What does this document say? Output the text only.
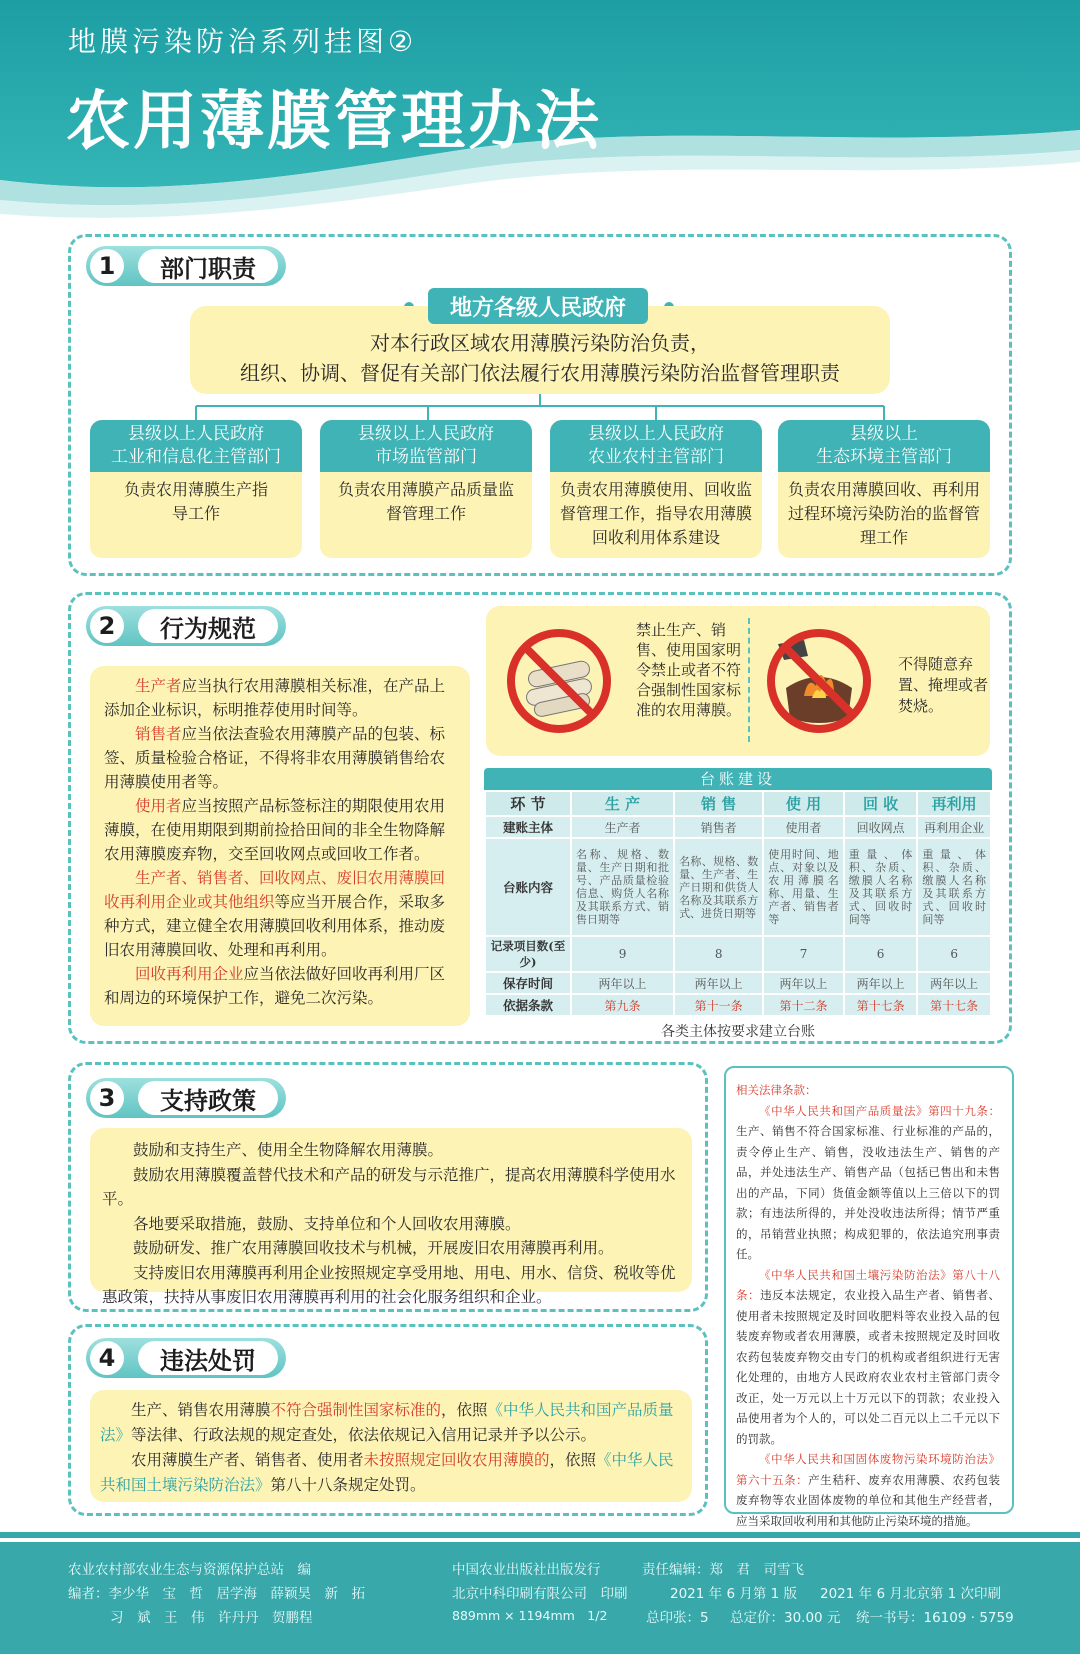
地膜污染防治系列挂图②
农用薄膜管理办法
1	部门职责
地方各级人民政府
对本行政区域农用薄膜污染防治负责，
组织、协调、督促有关部门依法履行农用薄膜污染防治监督管理职责
县级以上人民政府
工业和信息化主管部门
负责农用薄膜生产指导工作
县级以上人民政府
市场监管部门
负责农用薄膜产品质量监督管理工作
县级以上人民政府
农业农村主管部门
负责农用薄膜使用、回收监督管理工作，指导农用薄膜回收利用体系建设
县级以上
生态环境主管部门
负责农用薄膜回收、再利用过程环境污染防治的监督管理工作
2	行为规范

生产者应当执行农用薄膜相关标准，在产品上添加企业标识，标明推荐使用时间等。

销售者应当依法查验农用薄膜产品的包装、标签、质量检验合格证，不得将非农用薄膜销售给农用薄膜使用者等。

使用者应当按照产品标签标注的期限使用农用薄膜，在使用期限到期前捡拾田间的非全生物降解农用薄膜废弃物，交至回收网点或回收工作者。

生产者、销售者、回收网点、废旧农用薄膜回收再利用企业或其他组织等应当开展合作，采取多种方式，建立健全农用薄膜回收利用体系，推动废旧农用薄膜回收、处理和再利用。

回收再利用企业应当依法做好回收再利用厂区和周边的环境保护工作，避免二次污染。

禁止生产、销售、使用国家明令禁止或者不符合强制性国家标准的农用薄膜。
不得随意弃置、掩埋或者焚烧。
台账建设
环 节	生 产	销 售	使 用	回 收	再利用
建账主体	生产者	销售者	使用者	回收网点	再利用企业
台账内容	名称、规格、数量、生产日期和批号、产品质量检验信息、购货人名称及其联系方式、销售日期等	名称、规格、数量、生产者、生产日期和供货人名称及其联系方式、进货日期等	使用时间、地点、对象以及农用薄膜名称、用量、生产者、销售者等	重量、体积、杂质、缴膜人名称及其联系方式、回收时间等	重量、体积、杂质、缴膜人名称及其联系方式、回收时间等
记录项目数(至少)	9	8	7	6	6
保存时间	两年以上	两年以上	两年以上	两年以上	两年以上
依据条款	第九条	第十一条	第十二条	第十七条	第十七条
各类主体按要求建立台账
3	支持政策

鼓励和支持生产、使用全生物降解农用薄膜。

鼓励农用薄膜覆盖替代技术和产品的研发与示范推广，提高农用薄膜科学使用水平。

各地要采取措施，鼓励、支持单位和个人回收农用薄膜。

鼓励研发、推广农用薄膜回收技术与机械，开展废旧农用薄膜再利用。

支持废旧农用薄膜再利用企业按照规定享受用地、用电、用水、信贷、税收等优惠政策，扶持从事废旧农用薄膜再利用的社会化服务组织和企业。

4	违法处罚

生产、销售农用薄膜不符合强制性国家标准的，依照《中华人民共和国产品质量法》等法律、行政法规的规定查处，依法依规记入信用记录并予以公示。

农用薄膜生产者、销售者、使用者未按照规定回收农用薄膜的，依照《中华人民共和国土壤污染防治法》第八十八条规定处罚。

相关法律条款：

《中华人民共和国产品质量法》第四十九条：生产、销售不符合国家标准、行业标准的产品的，责令停止生产、销售，没收违法生产、销售的产品，并处违法生产、销售产品（包括已售出和未售出的产品，下同）货值金额等值以上三倍以下的罚款；有违法所得的，并处没收违法所得；情节严重的，吊销营业执照；构成犯罪的，依法追究刑事责任。

《中华人民共和国土壤污染防治法》第八十八条：违反本法规定，农业投入品生产者、销售者、使用者未按照规定及时回收肥料等农业投入品的包装废弃物或者农用薄膜，或者未按照规定及时回收农药包装废弃物交由专门的机构或者组织进行无害化处理的，由地方人民政府农业农村主管部门责令改正，处一万元以上十万元以下的罚款；农业投入品使用者为个人的，可以处二百元以上二千元以下的罚款。

《中华人民共和国固体废物污染环境防治法》第六十五条：产生秸秆、废弃农用薄膜、农药包装废弃物等农业固体废物的单位和其他生产经营者，应当采取回收利用和其他防止污染环境的措施。

农业农村部农业生态与资源保护总站　编
编者：李少华　宝　哲　居学海　薛颖昊　新　拓
习　斌　王　伟　许丹丹　贺鹏程
中国农业出版社出版发行	责任编辑：郑　君　司雪飞
北京中科印刷有限公司　印刷	2021 年 6 月第 1 版 2021 年 6 月北京第 1 次印刷
889mm × 1194mm　1/2	总印张：5 总定价：30.00 元 统一书号：16109 · 5759
